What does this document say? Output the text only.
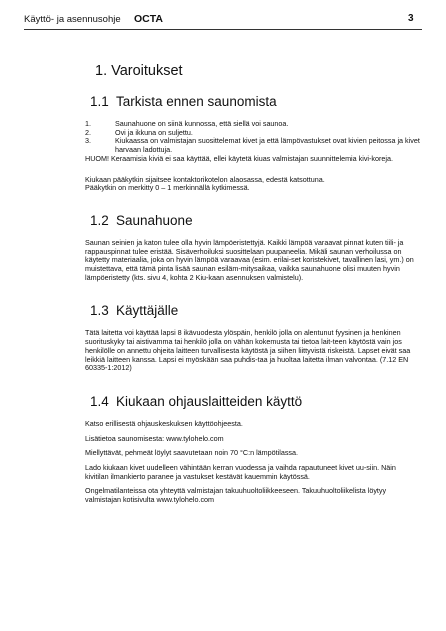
Käyttö- ja asennusohje OCTA	3
1. Varoitukset
1.1 Tarkista ennen saunomista
1.	Saunahuone on siinä kunnossa, että siellä voi saunoa.
2.	Ovi ja ikkuna on suljettu.
3.	Kiukaassa on valmistajan suosittelemat kivet ja että lämpövastukset ovat kivien peitossa ja kivet harvaan ladottuja.

HUOM! Keraamisia kiviä ei saa käyttää, ellei käytetä kiuas valmistajan suunnittelemia kivi-koreja.

Kiukaan pääkytkin sijaitsee kontaktorikotelon alaosassa, edestä katsottuna.
Pääkytkin on merkitty 0 – 1 merkinnällä kytkimessä.
1.2 Saunahuone

Saunan seinien ja katon tulee olla hyvin lämpöeristettyjä. Kaikki lämpöä varaavat pinnat kuten tiili- ja rappauspinnat tulee eristää. Sisäverhoiluksi suosittelaan puupaneelia. Mikäli saunan verhoilussa on käytetty materiaalia, joka on hyvin lämpöä varaavaa (esim. erilai-set koristekivet, tavallinen lasi, ym.) on muistettava, että tämä pinta lisää saunan esiläm-mitysaikaa, vaikka saunahuone olisi muuten hyvin lämpöeristetty (kts. sivu 4, kohta 2 Kiu-kaan asennuksen valmistelu).

1.3 Käyttäjälle

Tätä laitetta voi käyttää lapsi 8 ikävuodesta ylöspäin, henkilö jolla on alentunut fyysinen ja henkinen suorituskyky tai aistivamma tai henkilö jolla on vähän kokemusta tai tietoa lait-teen käytöstä vain jos henkilölle on annettu ohjeita laitteen turvallisesta käytöstä ja siihen liittyvistä riskeistä. Lapset eivät saa leikkiä laitteen kanssa. Lapsi ei myöskään saa puhdis-taa ja huoltaa laitetta ilman valvontaa. (7.12 EN 60335-1:2012)

1.4 Kiukaan ohjauslaitteiden käyttö

Katso erillisestä ohjauskeskuksen käyttöohjeesta.

Lisätietoa saunomisesta: www.tylohelo.com

Miellyttävät, pehmeät löylyt saavutetaan noin 70 °C:n lämpötilassa.

Lado kiukaan kivet uudelleen vähintään kerran vuodessa ja vaihda rapautuneet kivet uu-siin. Näin kivitilan ilmankierto paranee ja vastukset kestävät kauemmin käytössä.

Ongelmatilanteissa ota yhteyttä valmistajan takuuhuoltoliikkeeseen. Takuuhuoltoliikelista löytyy valmistajan kotisivulta www.tylohelo.com
